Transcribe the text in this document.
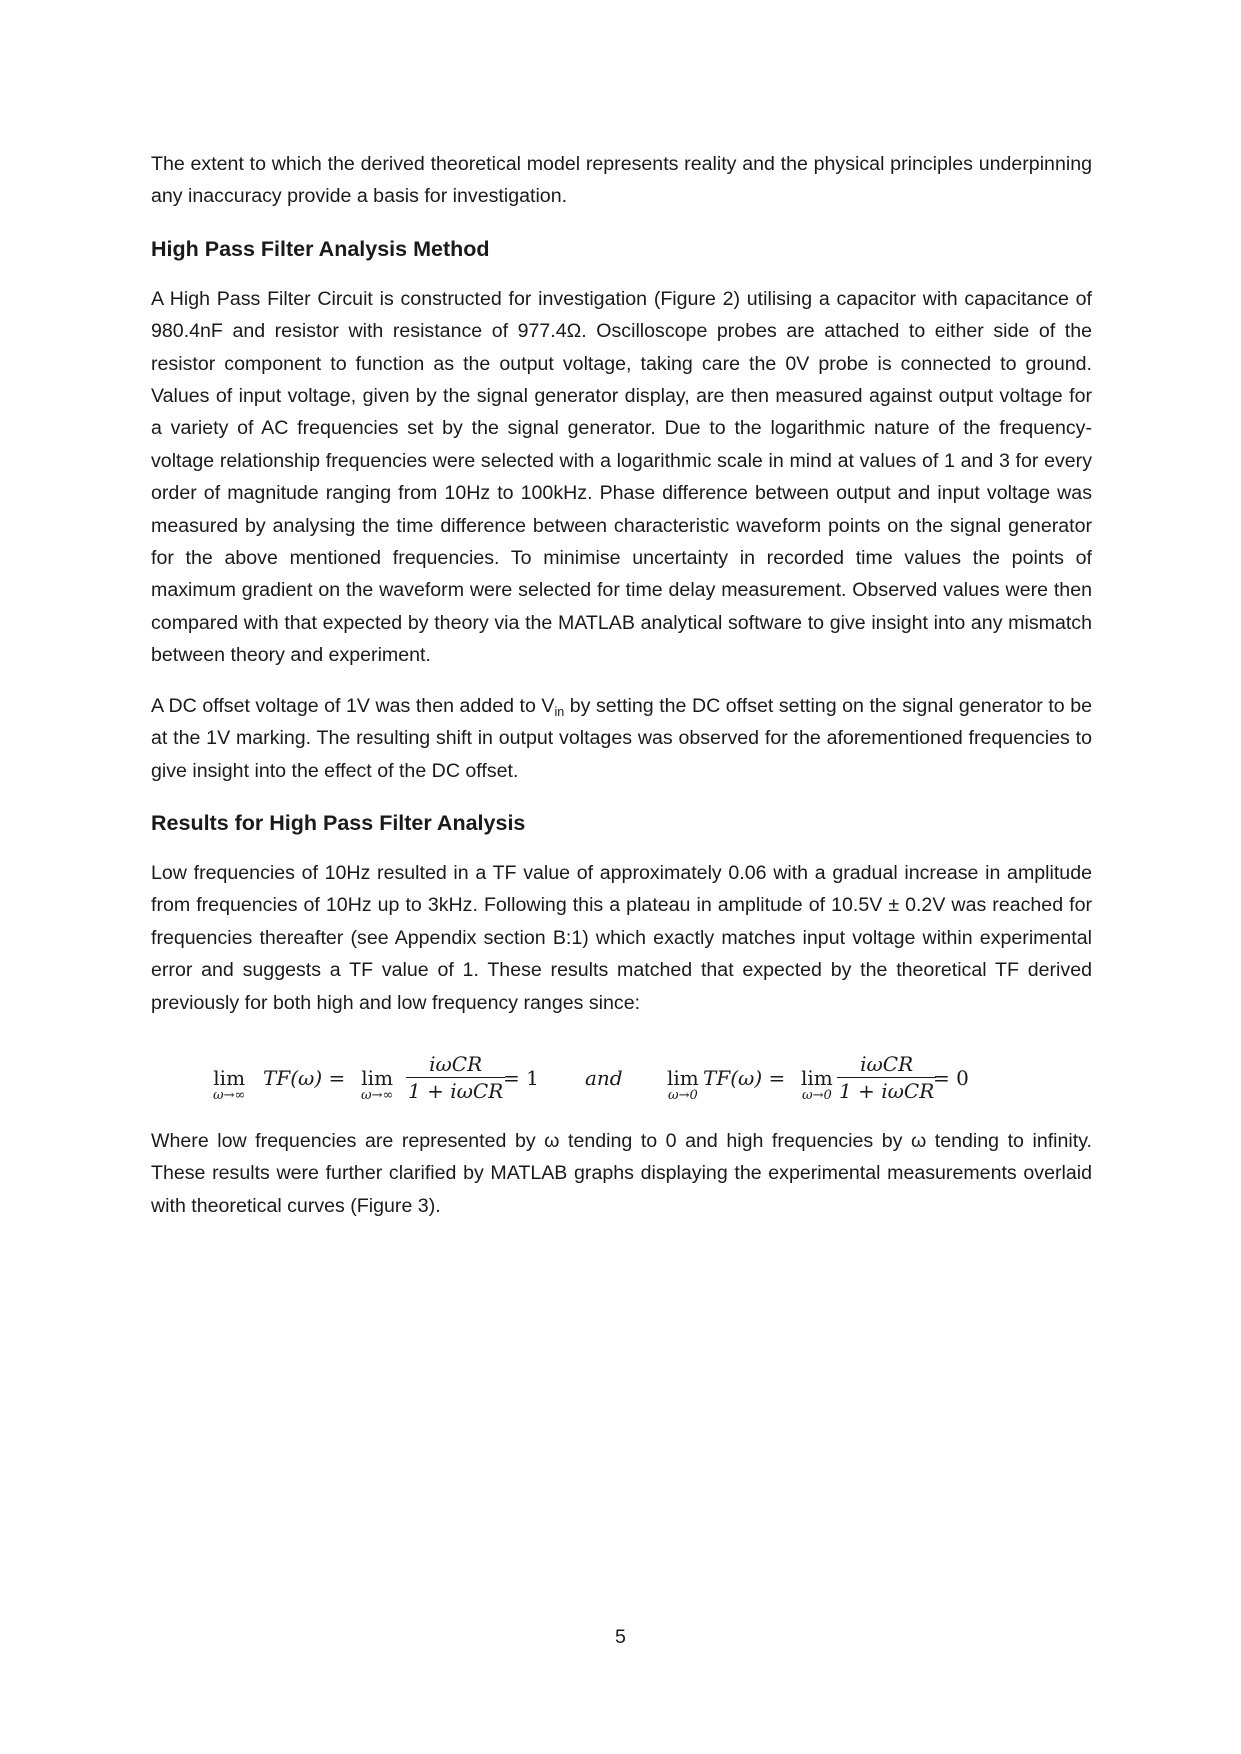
The extent to which the derived theoretical model represents reality and the physical principles underpinning any inaccuracy provide a basis for investigation.

High Pass Filter Analysis Method

A High Pass Filter Circuit is constructed for investigation (Figure 2) utilising a capacitor with capacitance of 980.4nF and resistor with resistance of 977.4Ω. Oscilloscope probes are attached to either side of the resistor component to function as the output voltage, taking care the 0V probe is connected to ground. Values of input voltage, given by the signal generator display, are then measured against output voltage for a variety of AC frequencies set by the signal generator. Due to the logarithmic nature of the frequency-voltage relationship frequencies were selected with a logarithmic scale in mind at values of 1 and 3 for every order of magnitude ranging from 10Hz to 100kHz. Phase difference between output and input voltage was measured by analysing the time difference between characteristic waveform points on the signal generator for the above mentioned frequencies. To minimise uncertainty in recorded time values the points of maximum gradient on the waveform were selected for time delay measurement. Observed values were then compared with that expected by theory via the MATLAB analytical software to give insight into any mismatch between theory and experiment.

A DC offset voltage of 1V was then added to $V_{in}$ by setting the DC offset setting on the signal generator to be at the 1V marking. The resulting shift in output voltages was observed for the aforementioned frequencies to give insight into the effect of the DC offset.

Results for High Pass Filter Analysis

Low frequencies of 10Hz resulted in a TF value of approximately 0.06 with a gradual increase in amplitude from frequencies of 10Hz up to 3kHz. Following this a plateau in amplitude of 10.5V ± 0.2V was reached for frequencies thereafter (see Appendix section B:1) which exactly matches input voltage within experimental error and suggests a TF value of 1. These results matched that expected by the theoretical TF derived previously for both high and low frequency ranges since:

lim
ω→∞
TF(ω) = lim
ω→∞
iωCR
1 + iωCR
= 1 and lim
ω→0
TF(ω) = lim
ω→0
iωCR
1 + iωCR
= 0

Where low frequencies are represented by ω tending to 0 and high frequencies by ω tending to infinity. These results were further clarified by MATLAB graphs displaying the experimental measurements overlaid with theoretical curves (Figure 3).

5
